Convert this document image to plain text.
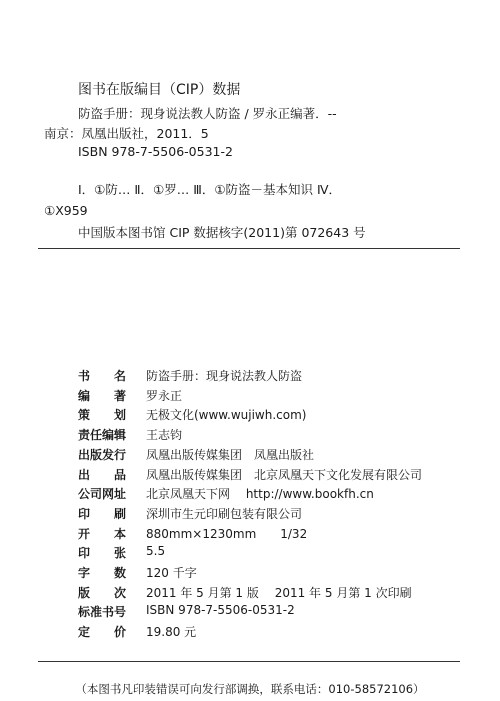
图书在版编目（CIP）数据
防盗手册：现身说法教人防盗 / 罗永正编著．--
南京：凤凰出版社，2011．5
ISBN 978-7-5506-0531-2
Ⅰ．①防… Ⅱ．①罗… Ⅲ．①防盗－基本知识 Ⅳ．
①X959
中国版本图书馆 CIP 数据核字(2011)第 072643 号
书 名 防盗手册：现身说法教人防盗
编 著 罗永正
策 划 无极文化(www.wujiwh.com)
责任编辑 王志钧
出版发行 凤凰出版传媒集团　凤凰出版社
出 品 凤凰出版传媒集团　北京凤凰天下文化发展有限公司
公司网址 北京凤凰天下网　 http://www.bookfh.cn
印 刷 深圳市生元印刷包装有限公司
开 本 880mm×1230mm　　1/32
印 张 5.5
字 数 120 千字
版 次 2011 年 5 月第 1 版　 2011 年 5 月第 1 次印刷
标准书号 ISBN 978-7-5506-0531-2
定 价 19.80 元
（本图书凡印装错误可向发行部调换，联系电话：010-58572106）
